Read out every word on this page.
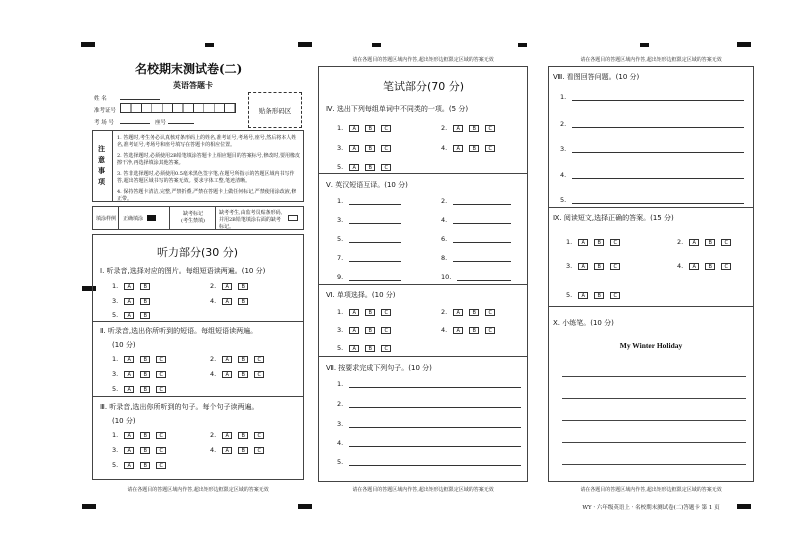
名校期末测试卷(二)
英语答题卡
姓 名
准考证号
考 场 号	座号
贴条形码区
注意事项
1. 答题时,考生务必认真核对条形码上的姓名,准考证号,考场号,座号,然后将本人姓名,准考证号,考场号和座号填写在答题卡的相应位置。
2. 答选择题时,必须使用2B铅笔填涂答题卡上相应题目的答案标号,修改时,要用橡皮擦干净,再选择填涂其他答案。
3. 答非选择题时,必须使用0.5毫米黑色签字笔,在题号所指示的答题区域内书写作答,超出答题区域书写的答案无效。要求字体工整,笔迹清晰。
4. 保持答题卡清洁,完整,严禁折叠,严禁在答题卡上做任何标记,严禁使用涂改液,修正带。
填涂样例 正确填涂
缺考标记
(考生禁填)
缺考考生,由监考员贴条形码,并用2B铅笔填涂右面的缺考标记。
听力部分(30 分)
Ⅰ. 听录音,选择对应的图片。每组短语读两遍。(10 分)
1. A	B	2. A	B
3. A	B	4. A	B
5. A	B
Ⅱ. 听录音,选出你所听到的短语。每组短语读两遍。
(10 分)
1. A	B	C	2. A	B	C
3. A	B	C	4. A	B	C
5. A	B	C
Ⅲ. 听录音,选出你所听到的句子。每个句子读两遍。
(10 分)
1. A	B	C	2. A	B	C
3. A	B	C	4. A	B	C
5. A	B	C
请在各题目的答题区域内作答,超出矩形边框限定区域的答案无效
请在各题目的答题区域内作答,超出矩形边框限定区域的答案无效
笔试部分(70 分)
Ⅳ. 选出下列每组单词中不同类的一项。(5 分)
1. A	B	C	2. A	B	C
3. A	B	C	4. A	B	C
5. A	B	C
Ⅴ. 英汉短语互译。(10 分)
1.	2.
3.	4.
5.	6.
7.	8.
9.	10.
Ⅵ. 单项选择。(10 分)
1. A	B	C	2. A	B	C
3. A	B	C	4. A	B	C
5. A	B	C
Ⅶ. 按要求完成下列句子。(10 分)
1.
2.
3.
4.
5.
请在各题目的答题区域内作答,超出矩形边框限定区域的答案无效
请在各题目的答题区域内作答,超出矩形边框限定区域的答案无效
Ⅷ. 看图回答问题。(10 分)
1.
2.
3.
4.
5.
Ⅸ. 阅读短文,选择正确的答案。(15 分)
1. A	B	C	2. A	B	C
3. A	B	C	4. A	B	C
5. A	B	C
Ⅹ. 小练笔。(10 分)
My Winter Holiday
请在各题目的答题区域内作答,超出矩形边框限定区域的答案无效
WY · 六年级英语上 · 名校期末测试卷(二)答题卡 第 1 页
